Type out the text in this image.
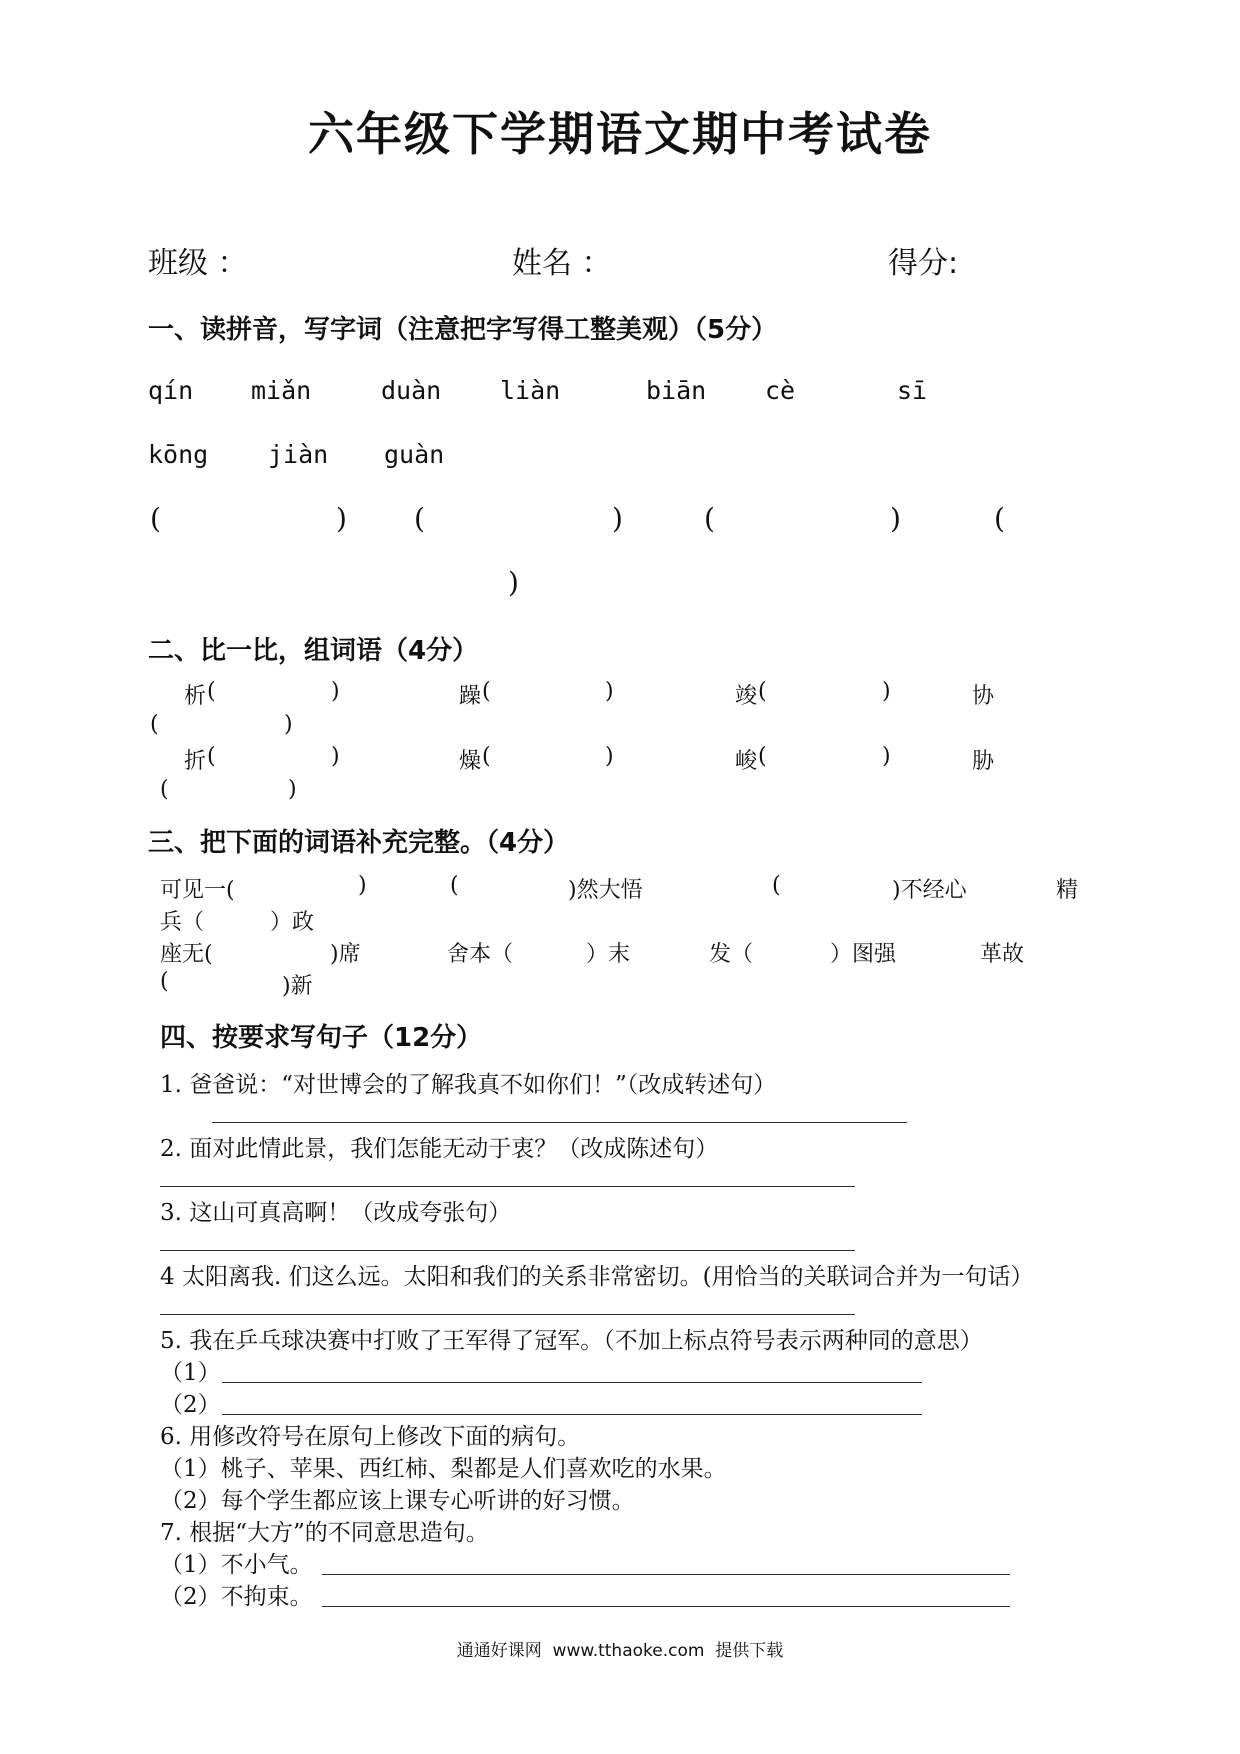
六年级下学期语文期中考试卷
班级 ：	姓名 ：	得分:
一、读拼音，写字词（注意把字写得工整美观）（5分）
qín miǎn	duàn liàn	biān cè	sī
kōng jiàn guàn
(	) (	)	(	)	(
)
二、比一比，组词语（4分）
析 (	)	躁 (	)	竣 (	)	协
(	)
折 (	)	燥 (	)	峻 (	)	胁
(	)
三、把下面的词语补充完整。（4分）
可见一(	)	(	)然大悟	(	)不经心	精
兵（	）政
座无(	)席	舍本（	）末	发（	）图强	革故
(	)新
四、按要求写句子（12分）
1. 爸爸说：“对世博会的了解我真不如你们！”（改成转述句）
2. 面对此情此景，我们怎能无动于衷？（改成陈述句）
3. 这山可真高啊！（改成夸张句）
4 太阳离我. 们这么远。太阳和我们的关系非常密切。(用恰当的关联词合并为一句话）
5. 我在乒乓球决赛中打败了王军得了冠军。（不加上标点符号表示两种同的意思）
（1）
（2）
6. 用修改符号在原句上修改下面的病句。
（1）桃子、苹果、西红柿、梨都是人们喜欢吃的水果。
（2）每个学生都应该上课专心听讲的好习惯。
7. 根据“大方”的不同意思造句。
（1）不小气。
（2）不拘束。
通通好课网  www.tthaoke.com  提供下载
